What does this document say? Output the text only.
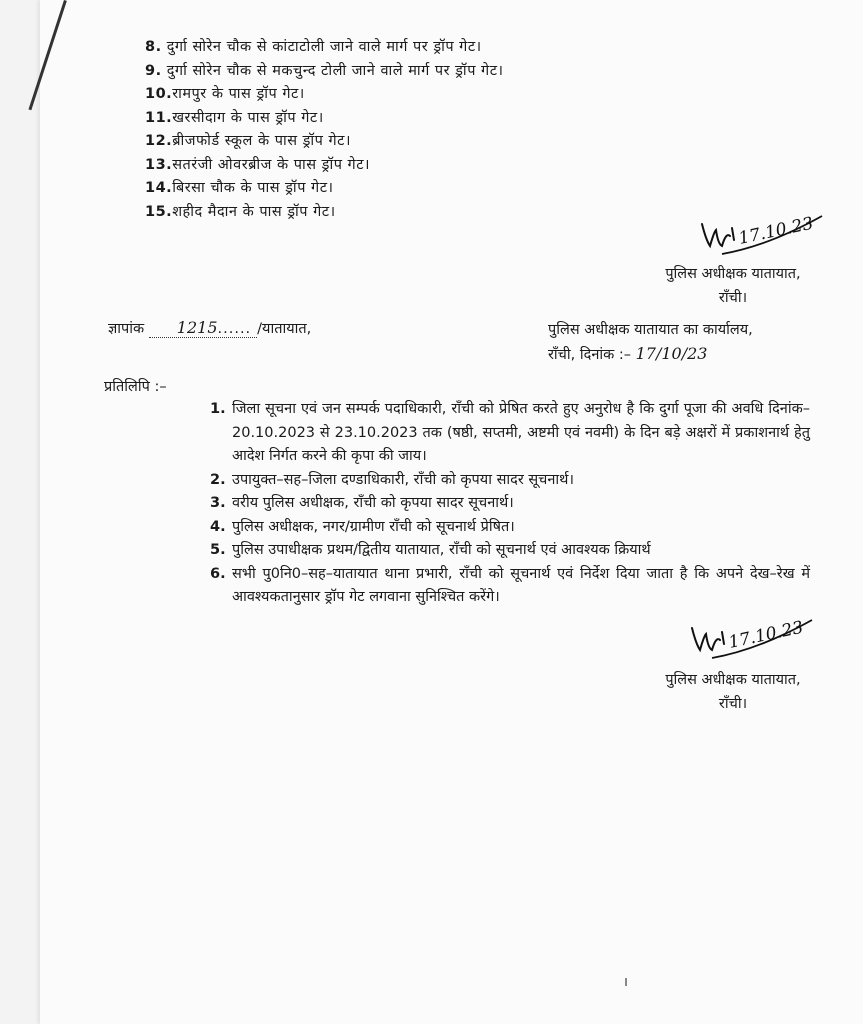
8. दुर्गा सोरेन चौक से कांटाटोली जाने वाले मार्ग पर ड्रॉप गेट।
9. दुर्गा सोरेन चौक से मकचुन्द टोली जाने वाले मार्ग पर ड्रॉप गेट।
10.रामपुर के पास ड्रॉप गेट।
11.खरसीदाग के पास ड्रॉप गेट।
12.ब्रीजफोर्ड स्कूल के पास ड्रॉप गेट।
13.सतरंजी ओवरब्रीज के पास ड्रॉप गेट।
14.बिरसा चौक के पास ड्रॉप गेट।
15.शहीद मैदान के पास ड्रॉप गेट।
17.10.23
पुलिस अधीक्षक यातायात,
राँची।
ज्ञापांक 1215...... /यातायात,	पुलिस अधीक्षक यातायात का कार्यालय,
राँची, दिनांक :– 17/10/23
प्रतिलिपि :–
1. जिला सूचना एवं जन सम्पर्क पदाधिकारी, राँची को प्रेषित करते हुए अनुरोध है कि दुर्गा पूजा की अवधि दिनांक–20.10.2023 से 23.10.2023 तक (षष्ठी, सप्तमी, अष्टमी एवं नवमी) के दिन बड़े अक्षरों में प्रकाशनार्थ हेतु आदेश निर्गत करने की कृपा की जाय।
2. उपायुक्त–सह–जिला दण्डाधिकारी, राँची को कृपया सादर सूचनार्थ।
3. वरीय पुलिस अधीक्षक, राँची को कृपया सादर सूचनार्थ।
4. पुलिस अधीक्षक, नगर/ग्रामीण राँची को सूचनार्थ प्रेषित।
5. पुलिस उपाधीक्षक प्रथम/द्वितीय यातायात, राँची को सूचनार्थ एवं आवश्यक क्रियार्थ
6. सभी पु0नि0–सह–यातायात थाना प्रभारी, राँची को सूचनार्थ एवं निर्देश दिया जाता है कि अपने देख–रेख में आवश्यकतानुसार ड्रॉप गेट लगवाना सुनिश्चित करेंगे।
17.10.23
पुलिस अधीक्षक यातायात,
राँची।
